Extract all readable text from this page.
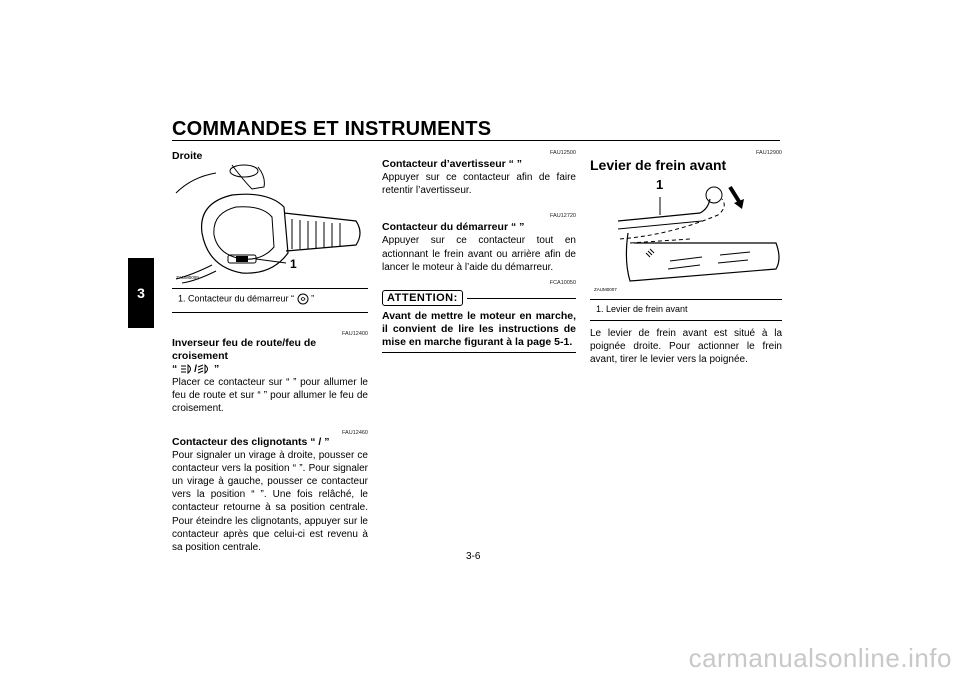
COMMANDES ET INSTRUMENTS
3
Droite
1
ZAUM0009
1. Contacteur du démarreur “
”
FAU12400
Inverseur feu de route/feu de croisement
“
/
”
Placer ce contacteur sur “ ” pour allumer le feu de route et sur “ ” pour allumer le feu de croisement.
FAU12460
Contacteur des clignotants “ / ”
Pour signaler un virage à droite, pousser ce contacteur vers la position “ ”. Pour signaler un virage à gauche, pousser ce contacteur vers la position “ ”. Une fois relâché, le contacteur retourne à sa position centrale. Pour éteindre les clignotants, appuyer sur le contacteur après que celui-ci est revenu à sa position centrale.
FAU12500
Contacteur d’avertisseur “ ”
Appuyer sur ce contacteur afin de faire retentir l’avertisseur.
FAU12720
Contacteur du démarreur “ ”
Appuyer sur ce contacteur tout en actionnant le frein avant ou arrière afin de lancer le moteur à l’aide du démarreur.
FCA10050
ATTENTION:
Avant de mettre le moteur en marche, il convient de lire les instructions de mise en marche figurant à la page 5-1.
FAU12900
Levier de frein avant
1
ZAUM0007
1. Levier de frein avant
Le levier de frein avant est situé à la poignée droite. Pour actionner le frein avant, tirer le levier vers la poignée.
3-6
carmanualsonline.info
